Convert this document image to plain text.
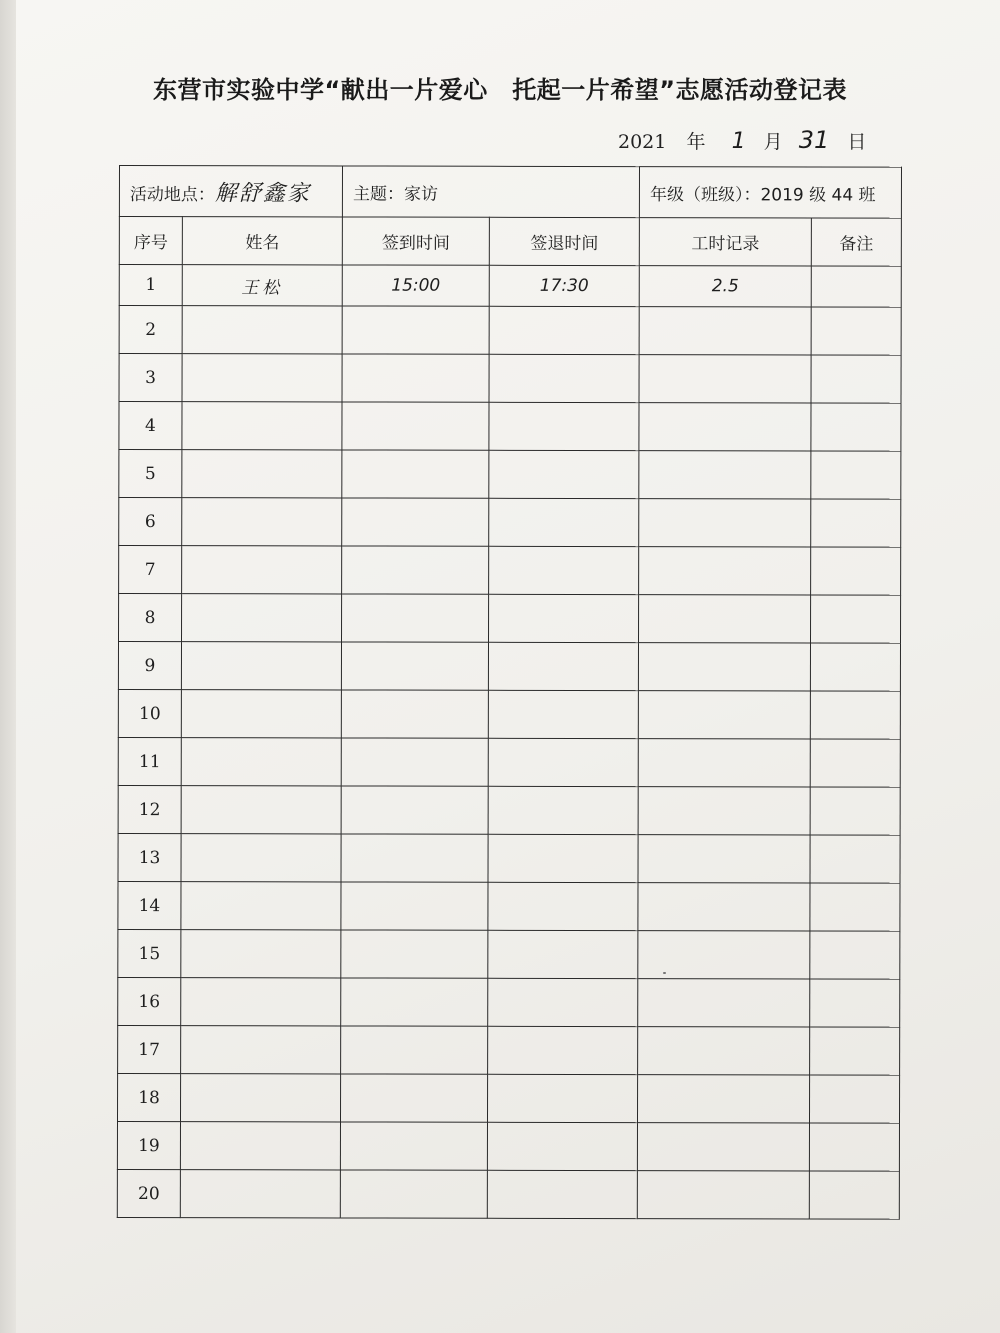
东营市实验中学“献出一片爱心　托起一片希望”志愿活动登记表
2021 年 1 月 31 日
活动地点：解舒鑫家		主题：家访		年级（班级）：2019 级 44 班	
序号	姓名	签到时间	签退时间	工时记录	备注
1	王松	15:00	17:30	2.5	
2					
3					
4					
5					
6					
7					
8					
9					
10					
11					
12					
13					
14					
15					
16					
17					
18					
19					
20					
